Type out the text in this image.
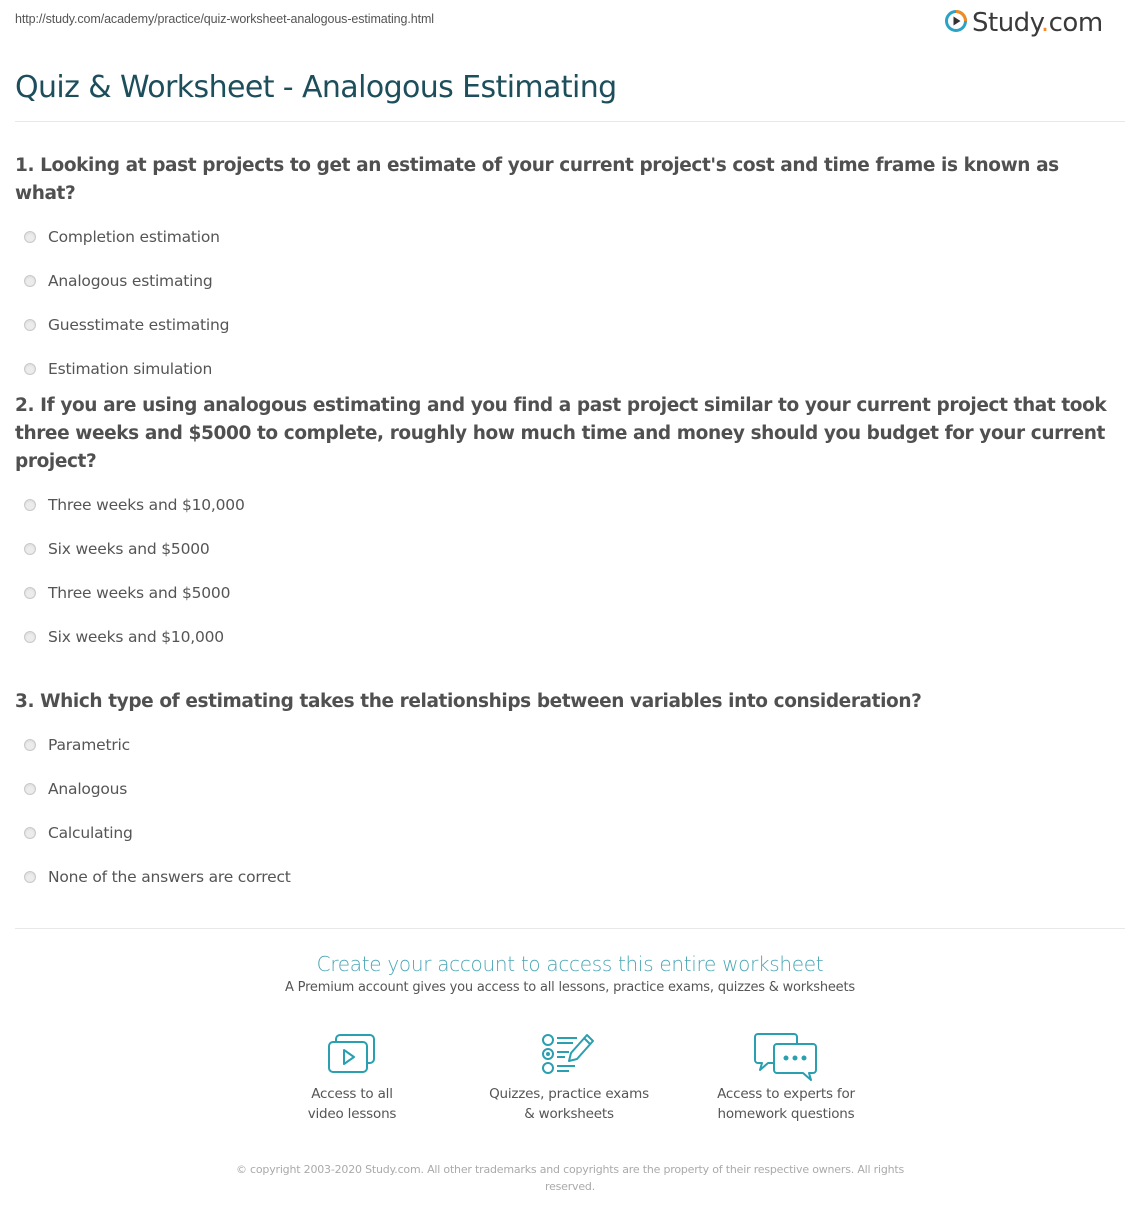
http://study.com/academy/practice/quiz-worksheet-analogous-estimating.html	Study.com
Quiz & Worksheet - Analogous Estimating

1. Looking at past projects to get an estimate of your current project's cost and time frame is known as what?

Completion estimation
Analogous estimating
Guesstimate estimating
Estimation simulation

2. If you are using analogous estimating and you find a past project similar to your current project that took three weeks and $5000 to complete, roughly how much time and money should you budget for your current project?

Three weeks and $10,000
Six weeks and $5000
Three weeks and $5000
Six weeks and $10,000

3. Which type of estimating takes the relationships between variables into consideration?

Parametric
Analogous
Calculating
None of the answers are correct
Create your account to access this entire worksheet
A Premium account gives you access to all lessons, practice exams, quizzes & worksheets
Access to all
video lessons
Quizzes, practice exams
& worksheets
Access to experts for
homework questions
© copyright 2003-2020 Study.com. All other trademarks and copyrights are the property of their respective owners. All rights reserved.
